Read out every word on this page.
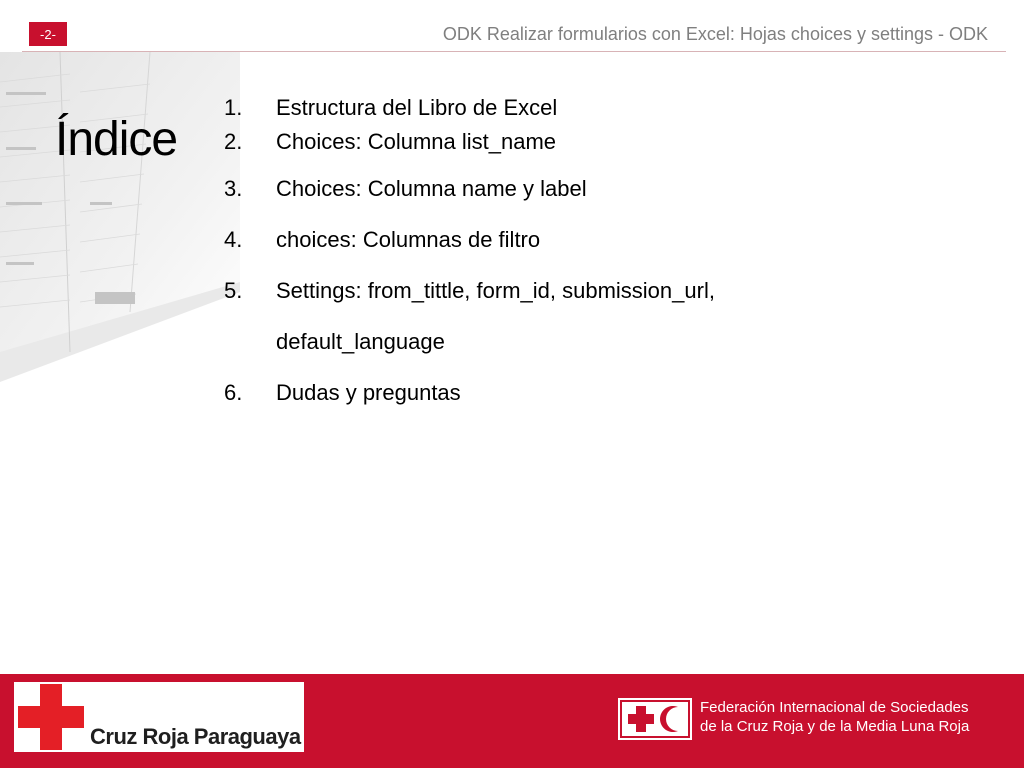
-2-	ODK Realizar formularios con Excel: Hojas choices y settings - ODK
Índice
1. Estructura del Libro de Excel
2. Choices: Columna list_name
3. Choices: Columna name y label
4. choices: Columnas de filtro
5. Settings: from_tittle, form_id, submission_url,
default_language
6. Dudas y preguntas
Cruz Roja Paraguaya
Federación Internacional de Sociedades
de la Cruz Roja y de la Media Luna Roja
